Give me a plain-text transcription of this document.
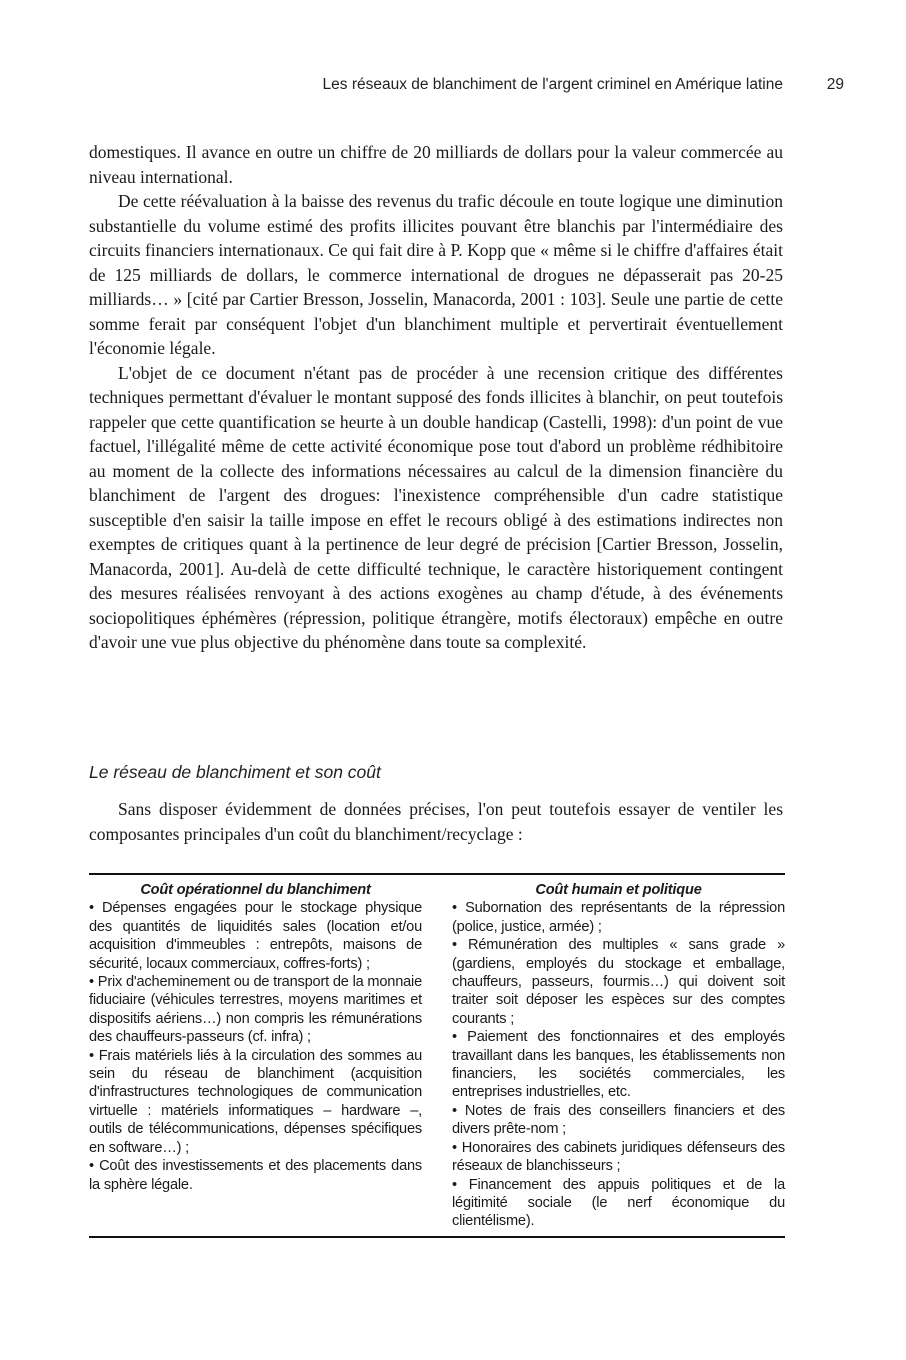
Les réseaux de blanchiment de l'argent criminel en Amérique latine	29

domestiques. Il avance en outre un chiffre de 20 milliards de dollars pour la valeur commercée au niveau international.

De cette réévaluation à la baisse des revenus du trafic découle en toute logique une diminution substantielle du volume estimé des profits illicites pouvant être blanchis par l'intermédiaire des circuits financiers internationaux. Ce qui fait dire à P. Kopp que « même si le chiffre d'affaires était de 125 milliards de dollars, le commerce international de drogues ne dépasserait pas 20-25 milliards… » [cité par Cartier Bresson, Josselin, Manacorda, 2001 : 103]. Seule une partie de cette somme ferait par conséquent l'objet d'un blanchiment multiple et pervertirait éventuellement l'économie légale.

L'objet de ce document n'étant pas de procéder à une recension critique des différentes techniques permettant d'évaluer le montant supposé des fonds illicites à blanchir, on peut toutefois rappeler que cette quantification se heurte à un double handicap (Castelli, 1998): d'un point de vue factuel, l'illégalité même de cette activité économique pose tout d'abord un problème rédhibitoire au moment de la collecte des informations nécessaires au calcul de la dimension financière du blanchiment de l'argent des drogues: l'inexistence compréhensible d'un cadre statistique susceptible d'en saisir la taille impose en effet le recours obligé à des estimations indirectes non exemptes de critiques quant à la pertinence de leur degré de précision [Cartier Bresson, Josselin, Manacorda, 2001]. Au-delà de cette difficulté technique, le caractère historiquement contingent des mesures réalisées renvoyant à des actions exogènes au champ d'étude, à des événements sociopolitiques éphémères (répression, politique étrangère, motifs électoraux) empêche en outre d'avoir une vue plus objective du phénomène dans toute sa complexité.

Le réseau de blanchiment et son coût

Sans disposer évidemment de données précises, l'on peut toutefois essayer de ventiler les composantes principales d'un coût du blanchiment/recyclage :

Coût opérationnel du blanchiment

• Dépenses engagées pour le stockage physique des quantités de liquidités sales (location et/ou acquisition d'immeubles : entrepôts, maisons de sécurité, locaux commerciaux, coffres-forts) ;

• Prix d'acheminement ou de transport de la monnaie fiduciaire (véhicules terrestres, moyens maritimes et dispositifs aériens…) non compris les rémunérations des chauffeurs-passeurs (cf. infra) ;

• Frais matériels liés à la circulation des sommes au sein du réseau de blanchiment (acquisition d'infrastructures technologiques de communication virtuelle : matériels informatiques – hardware –, outils de télécommunications, dépenses spécifiques en software…) ;

• Coût des investissements et des placements dans la sphère légale.

Coût humain et politique

• Subornation des représentants de la répression (police, justice, armée) ;

• Rémunération des multiples « sans grade » (gardiens, employés du stockage et emballage, chauffeurs, passeurs, fourmis…) qui doivent soit traiter soit déposer les espèces sur des comptes courants ;

• Paiement des fonctionnaires et des employés travaillant dans les banques, les établissements non financiers, les sociétés commerciales, les entreprises industrielles, etc.

• Notes de frais des conseillers financiers et des divers prête-nom ;

• Honoraires des cabinets juridiques défenseurs des réseaux de blanchisseurs ;

• Financement des appuis politiques et de la légitimité sociale (le nerf économique du clientélisme).
